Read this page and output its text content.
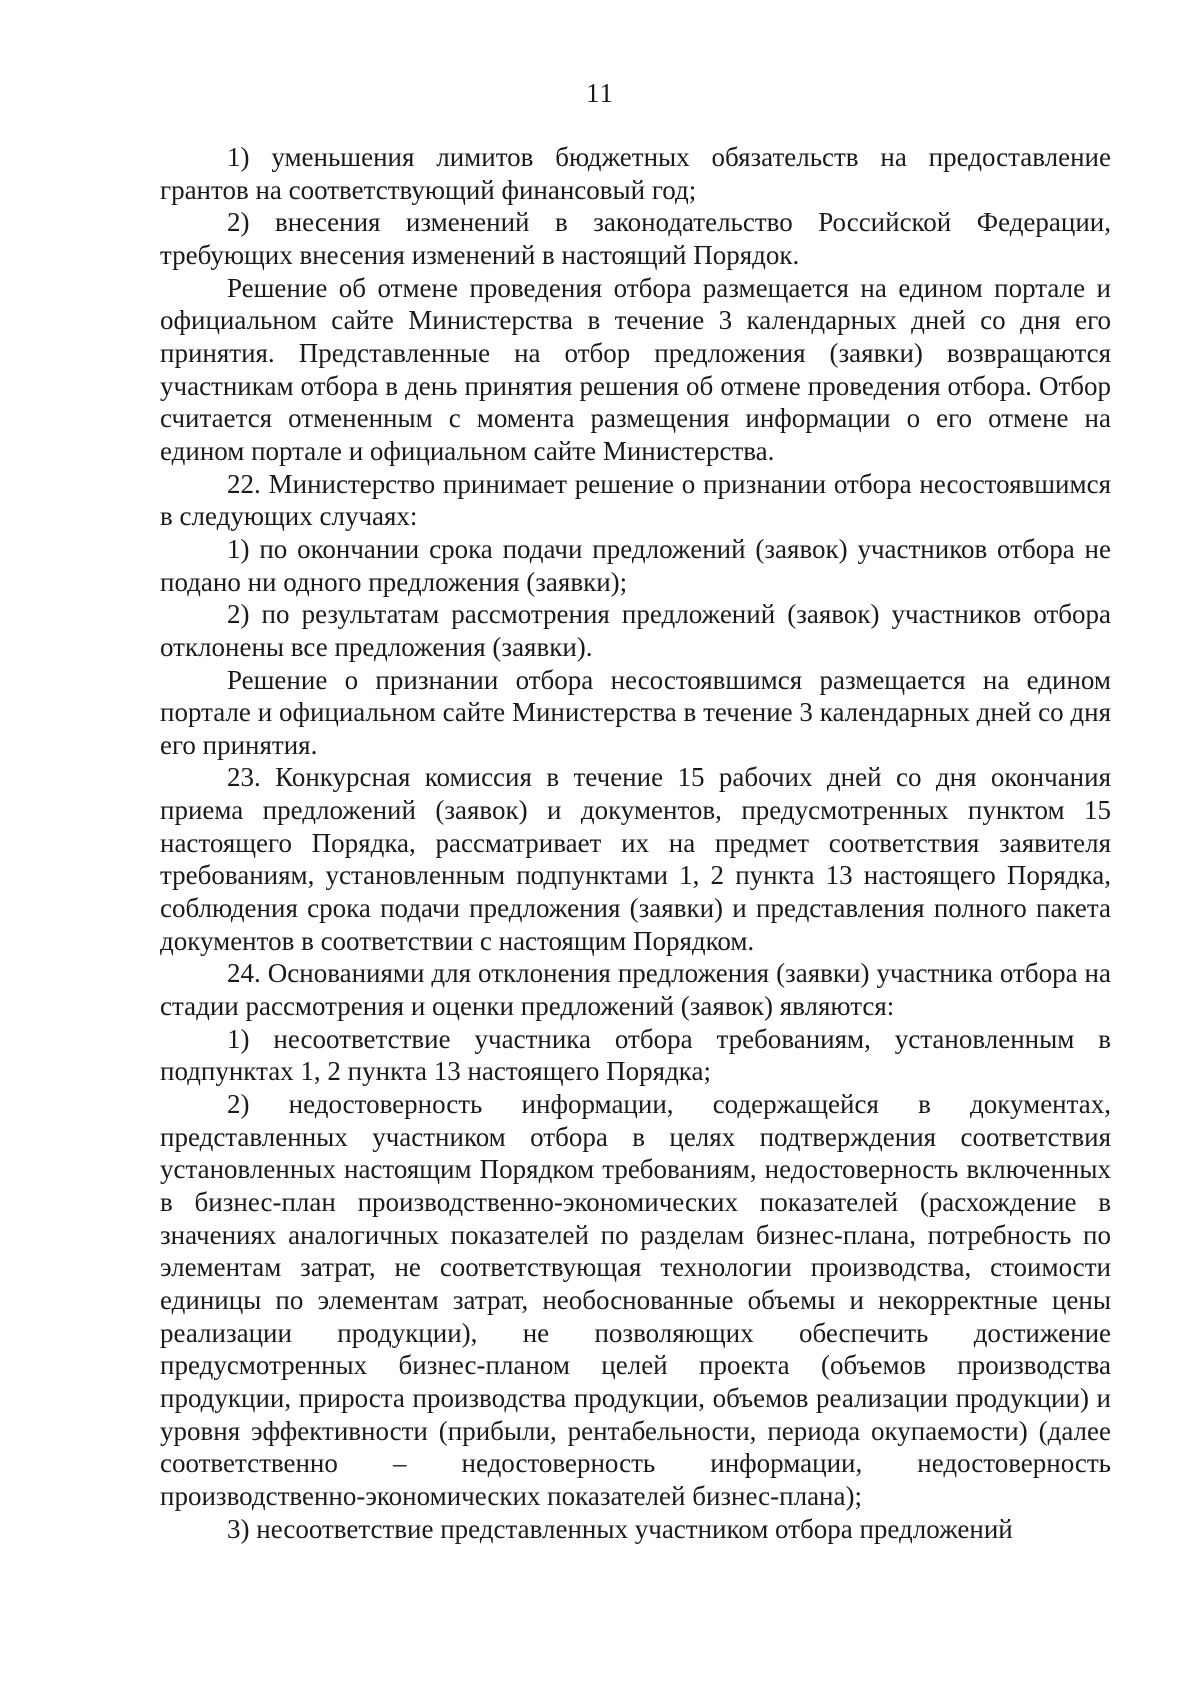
11

1) уменьшения лимитов бюджетных обязательств на предоставление грантов на соответствующий финансовый год;

2) внесения изменений в законодательство Российской Федерации, требующих внесения изменений в настоящий Порядок.

Решение об отмене проведения отбора размещается на едином портале и официальном сайте Министерства в течение 3 календарных дней со дня его принятия. Представленные на отбор предложения (заявки) возвращаются участникам отбора в день принятия решения об отмене проведения отбора. Отбор считается отмененным с момента размещения информации о его отмене на едином портале и официальном сайте Министерства.

22. Министерство принимает решение о признании отбора несостоявшимся в следующих случаях:

1) по окончании срока подачи предложений (заявок) участников отбора не подано ни одного предложения (заявки);

2) по результатам рассмотрения предложений (заявок) участников отбора отклонены все предложения (заявки).

Решение о признании отбора несостоявшимся размещается на едином портале и официальном сайте Министерства в течение 3 календарных дней со дня его принятия.

23. Конкурсная комиссия в течение 15 рабочих дней со дня окончания приема предложений (заявок) и документов, предусмотренных пунктом 15 настоящего Порядка, рассматривает их на предмет соответствия заявителя требованиям, установленным подпунктами 1, 2 пункта 13 настоящего Порядка, соблюдения срока подачи предложения (заявки) и представления полного пакета документов в соответствии с настоящим Порядком.

24. Основаниями для отклонения предложения (заявки) участника отбора на стадии рассмотрения и оценки предложений (заявок) являются:

1) несоответствие участника отбора требованиям, установленным в подпунктах 1, 2 пункта 13 настоящего Порядка;

2) недостоверность информации, содержащейся в документах, представленных участником отбора в целях подтверждения соответствия установленных настоящим Порядком требованиям, недостоверность включенных в бизнес-план производственно-экономических показателей (расхождение в значениях аналогичных показателей по разделам бизнес-плана, потребность по элементам затрат, не соответствующая технологии производства, стоимости единицы по элементам затрат, необоснованные объемы и некорректные цены реализации продукции), не позволяющих обеспечить достижение предусмотренных бизнес-планом целей проекта (объемов производства продукции, прироста производства продукции, объемов реализации продукции) и уровня эффективности (прибыли, рентабельности, периода окупаемости) (далее соответственно – недостоверность информации, недостоверность производственно-экономических показателей бизнес-плана);

3) несоответствие представленных участником отбора предложений
